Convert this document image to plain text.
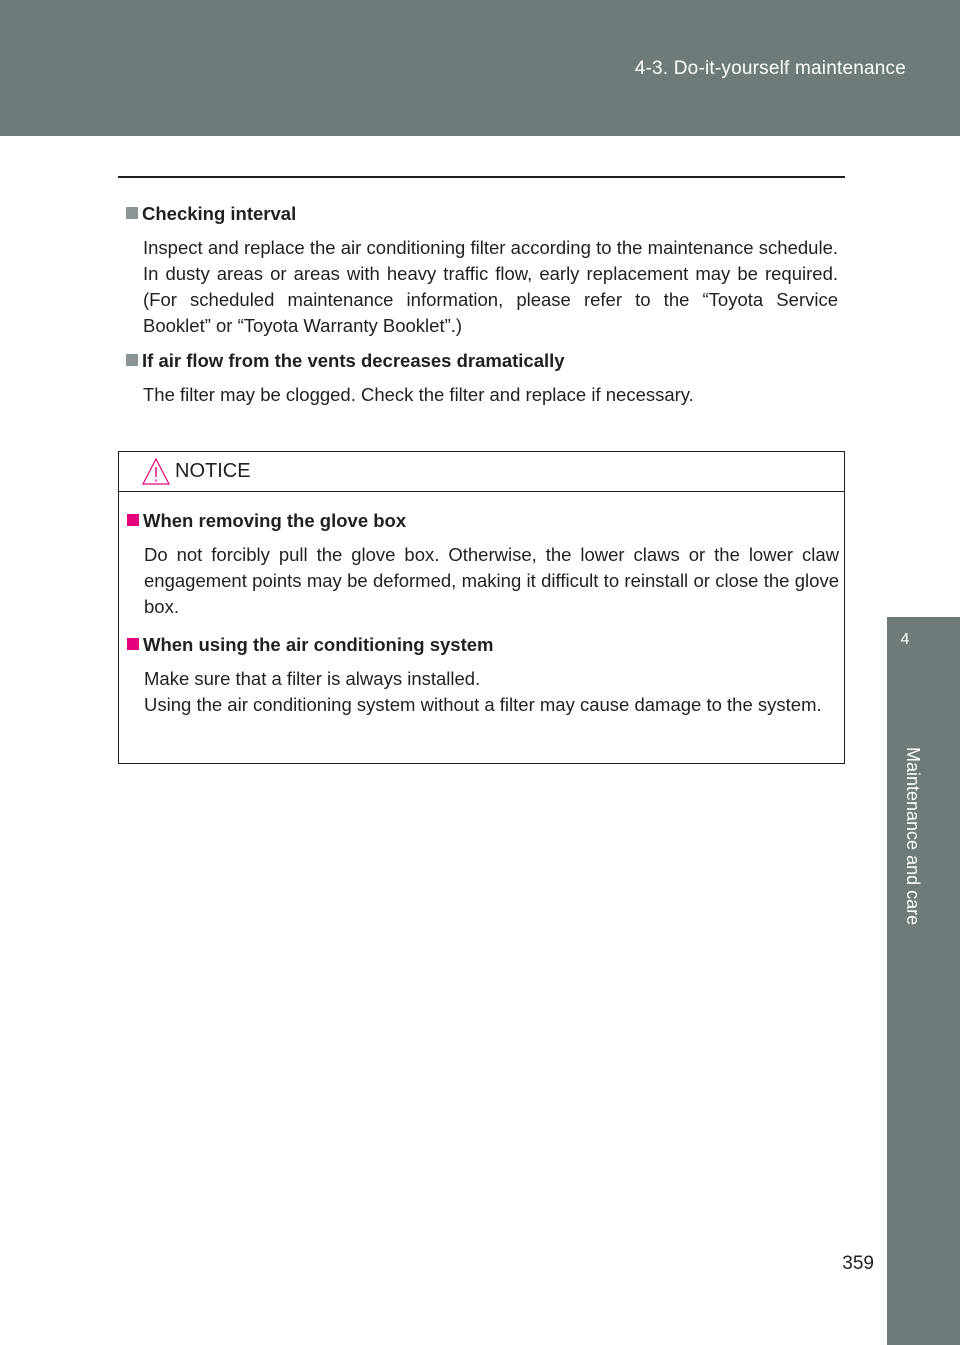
4-3. Do-it-yourself maintenance
4
Maintenance and care
Checking interval
Inspect and replace the air conditioning filter according to the maintenance schedule. In dusty areas or areas with heavy traffic flow, early replacement may be required. (For scheduled maintenance information, please refer to the “Toyota Service Booklet” or “Toyota Warranty Booklet”.)
If air flow from the vents decreases dramatically
The filter may be clogged. Check the filter and replace if necessary.
NOTICE
When removing the glove box
Do not forcibly pull the glove box. Otherwise, the lower claws or the lower claw engagement points may be deformed, making it difficult to reinstall or close the glove box.
When using the air conditioning system
Make sure that a filter is always installed.
Using the air conditioning system without a filter may cause damage to the system.
359
